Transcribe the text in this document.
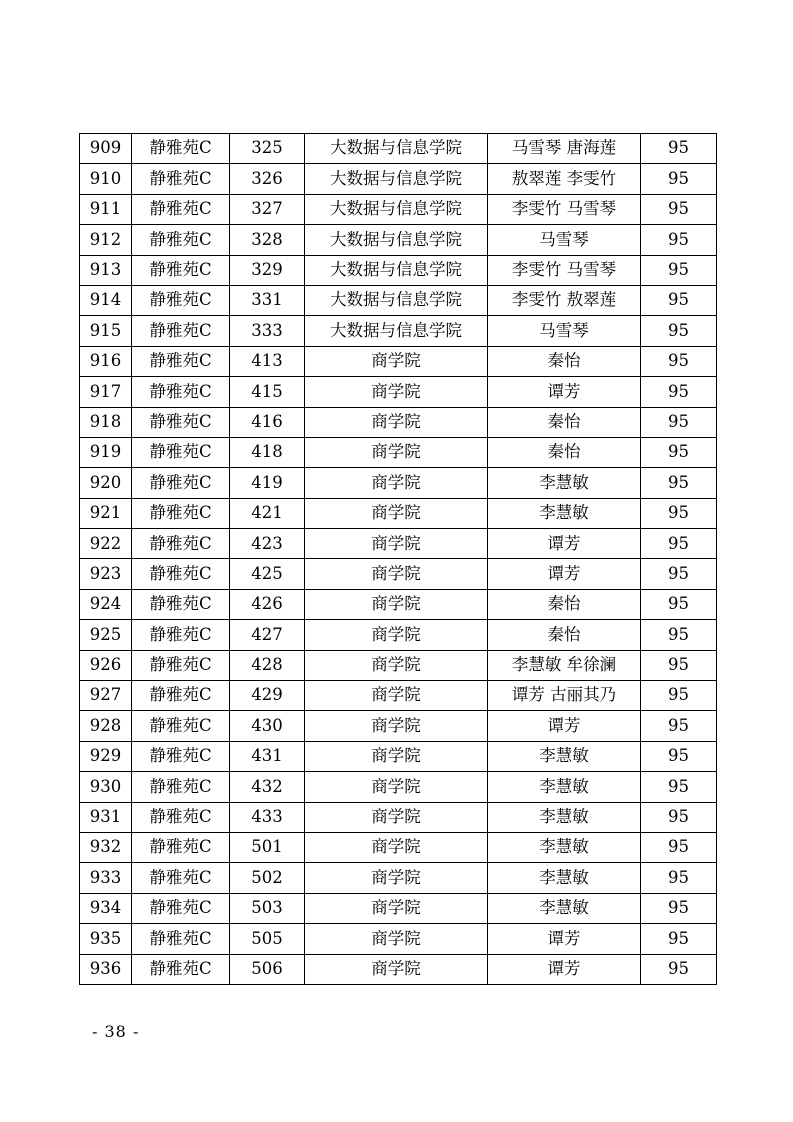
909	静雅苑C	325	大数据与信息学院	马雪琴 唐海莲	95
910	静雅苑C	326	大数据与信息学院	敖翠莲 李雯竹	95
911	静雅苑C	327	大数据与信息学院	李雯竹 马雪琴	95
912	静雅苑C	328	大数据与信息学院	马雪琴	95
913	静雅苑C	329	大数据与信息学院	李雯竹 马雪琴	95
914	静雅苑C	331	大数据与信息学院	李雯竹 敖翠莲	95
915	静雅苑C	333	大数据与信息学院	马雪琴	95
916	静雅苑C	413	商学院	秦怡	95
917	静雅苑C	415	商学院	谭芳	95
918	静雅苑C	416	商学院	秦怡	95
919	静雅苑C	418	商学院	秦怡	95
920	静雅苑C	419	商学院	李慧敏	95
921	静雅苑C	421	商学院	李慧敏	95
922	静雅苑C	423	商学院	谭芳	95
923	静雅苑C	425	商学院	谭芳	95
924	静雅苑C	426	商学院	秦怡	95
925	静雅苑C	427	商学院	秦怡	95
926	静雅苑C	428	商学院	李慧敏 牟徐澜	95
927	静雅苑C	429	商学院	谭芳 古丽其乃	95
928	静雅苑C	430	商学院	谭芳	95
929	静雅苑C	431	商学院	李慧敏	95
930	静雅苑C	432	商学院	李慧敏	95
931	静雅苑C	433	商学院	李慧敏	95
932	静雅苑C	501	商学院	李慧敏	95
933	静雅苑C	502	商学院	李慧敏	95
934	静雅苑C	503	商学院	李慧敏	95
935	静雅苑C	505	商学院	谭芳	95
936	静雅苑C	506	商学院	谭芳	95
- 38 -
